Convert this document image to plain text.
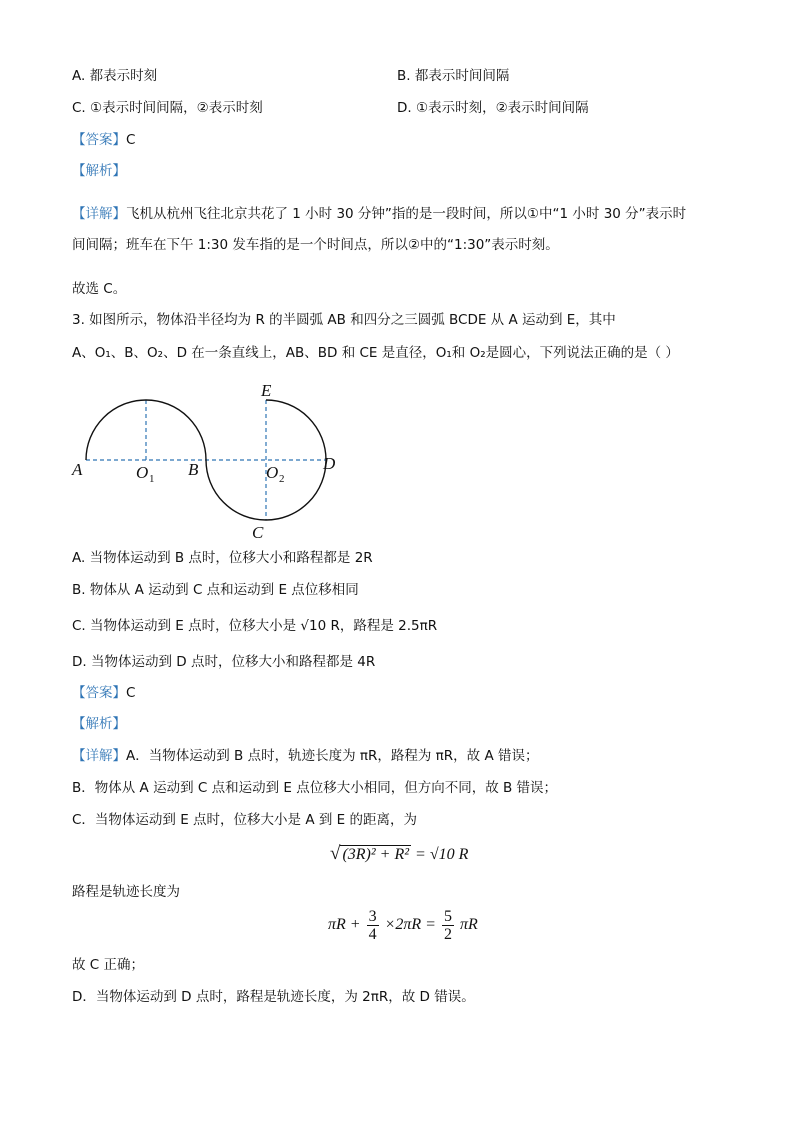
A. 都表示时刻	B. 都表示时间间隔
C. ①表示时间间隔，②表示时刻	D. ①表示时刻，②表示时间间隔
【答案】C
【解析】
【详解】飞机从杭州飞往北京共花了 1 小时 30 分钟”指的是一段时间，所以①中“1 小时 30 分”表示时
间间隔；班车在下午 1:30 发车指的是一个时间点，所以②中的“1:30”表示时刻。
故选 C。
3. 如图所示，物体沿半径均为 R 的半圆弧 AB 和四分之三圆弧 BCDE 从 A 运动到 E，其中
A、O₁、B、O₂、D 在一条直线上，AB、BD 和 CE 是直径，O₁和 O₂是圆心，下列说法正确的是（ ）
A	O 1 B	O 2
D
E
C
A. 当物体运动到 B 点时，位移大小和路程都是 2R
B. 物体从 A 运动到 C 点和运动到 E 点位移相同
C. 当物体运动到 E 点时，位移大小是 √10 R，路程是 2.5πR
D. 当物体运动到 D 点时，位移大小和路程都是 4R
【答案】C
【解析】
【详解】A．当物体运动到 B 点时，轨迹长度为 πR，路程为 πR，故 A 错误；
B．物体从 A 运动到 C 点和运动到 E 点位移大小相同，但方向不同，故 B 错误；
C．当物体运动到 E 点时，位移大小是 A 到 E 的距离，为
√ (3R)² + R² = √10 R
路程是轨迹长度为
$\pi R + \frac{3}{4} \times 2\pi R = \frac{5}{2}$ πR
故 C 正确；
D．当物体运动到 D 点时，路程是轨迹长度，为 2πR，故 D 错误。
